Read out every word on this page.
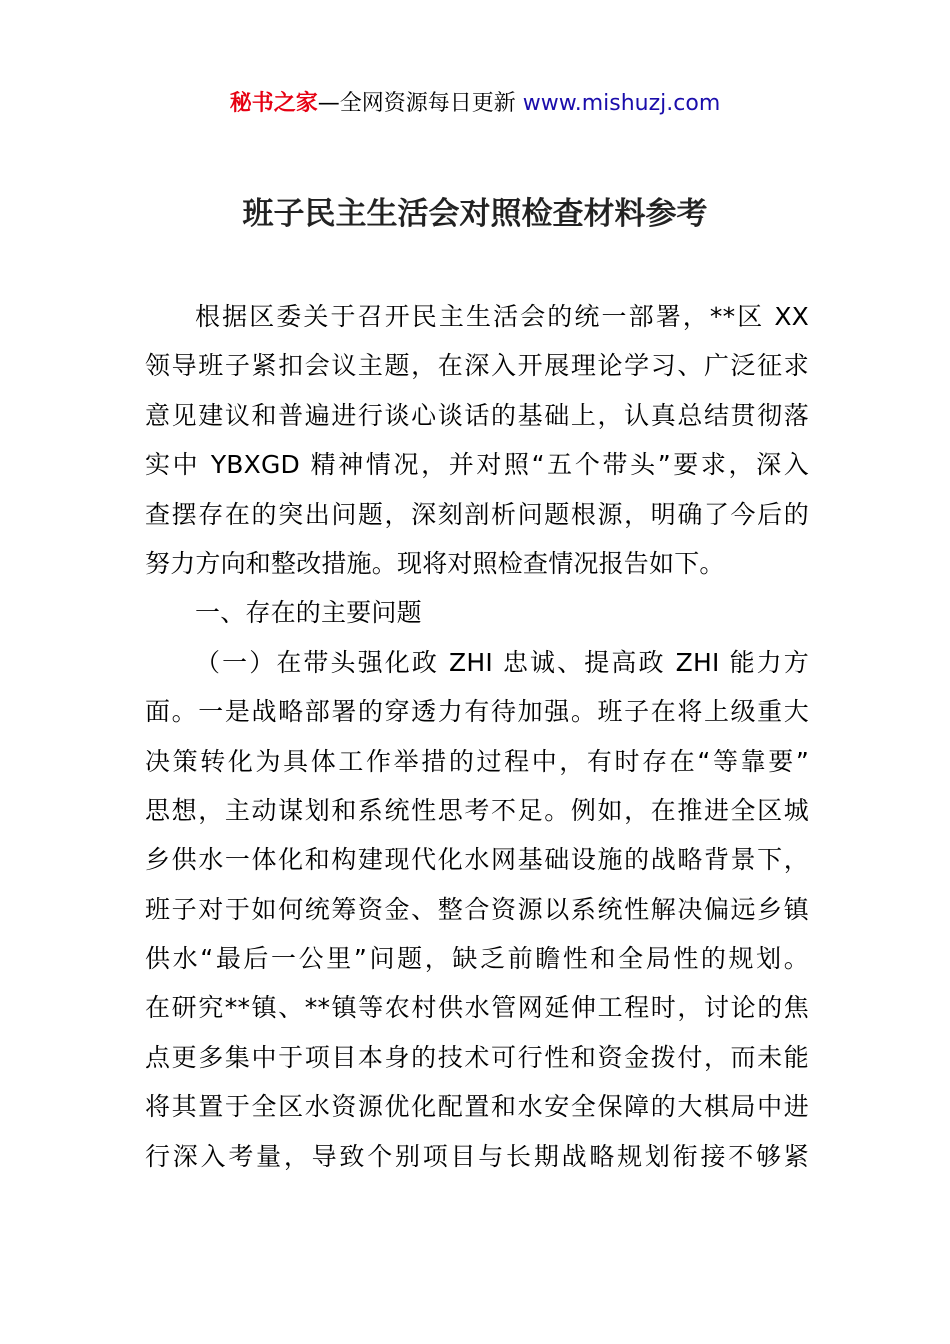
秘书之家—全网资源每日更新 www.mishuzj.com
班子民主生活会对照检查材料参考
根据区委关于召开民主生活会的统一部署，**区 XX
领导班子紧扣会议主题，在深入开展理论学习、广泛征求
意见建议和普遍进行谈心谈话的基础上，认真总结贯彻落
实中 YBXGD 精神情况，并对照“五个带头”要求，深入
查摆存在的突出问题，深刻剖析问题根源，明确了今后的
努力方向和整改措施。现将对照检查情况报告如下。
一、存在的主要问题
（一）在带头强化政 ZHI 忠诚、提高政 ZHI 能力方
面。一是战略部署的穿透力有待加强。班子在将上级重大
决策转化为具体工作举措的过程中，有时存在“等靠要”
思想，主动谋划和系统性思考不足。例如，在推进全区城
乡供水一体化和构建现代化水网基础设施的战略背景下，
班子对于如何统筹资金、整合资源以系统性解决偏远乡镇
供水“最后一公里”问题，缺乏前瞻性和全局性的规划。
在研究**镇、**镇等农村供水管网延伸工程时，讨论的焦
点更多集中于项目本身的技术可行性和资金拨付，而未能
将其置于全区水资源优化配置和水安全保障的大棋局中进
行深入考量，导致个别项目与长期战略规划衔接不够紧
